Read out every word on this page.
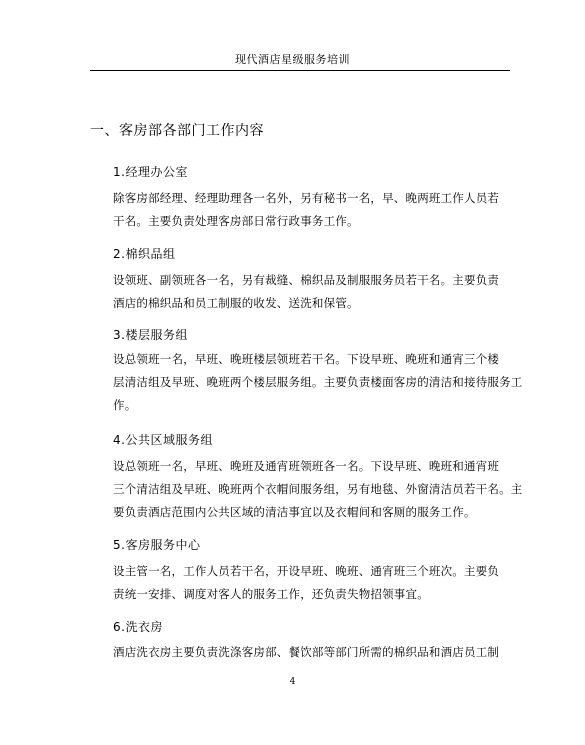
现代酒店星级服务培训
一、客房部各部门工作内容
1.经理办公室
除客房部经理、经理助理各一名外，另有秘书一名，早、晚两班工作人员若
干名。主要负责处理客房部日常行政事务工作。
2.棉织品组
设领班、副领班各一名，另有裁缝、棉织品及制服服务员若干名。主要负责
酒店的棉织品和员工制服的收发、送洗和保管。
3.楼层服务组
设总领班一名，早班、晚班楼层领班若干名。下设早班、晚班和通宵三个楼
层清洁组及早班、晚班两个楼层服务组。主要负责楼面客房的清洁和接待服务工
作。
4.公共区域服务组
设总领班一名，早班、晚班及通宵班领班各一名。下设早班、晚班和通宵班
三个清洁组及早班、晚班两个衣帽间服务组，另有地毯、外窗清洁员若干名。主
要负责酒店范围内公共区域的清洁事宜以及衣帽间和客厕的服务工作。
5.客房服务中心
设主管一名，工作人员若干名，开设早班、晚班、通宵班三个班次。主要负
责统一安排、调度对客人的服务工作，还负责失物招领事宜。
6.洗衣房
酒店洗衣房主要负责洗涤客房部、餐饮部等部门所需的棉织品和酒店员工制
4
